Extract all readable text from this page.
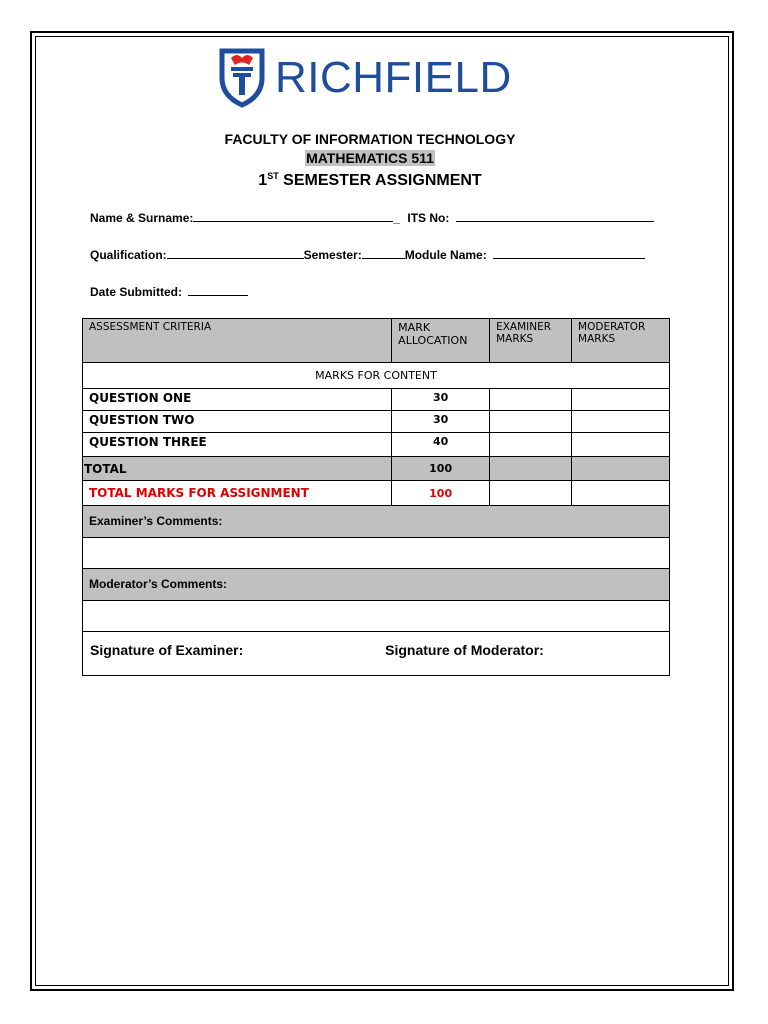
RICHFIELD
FACULTY OF INFORMATION TECHNOLOGY
MATHEMATICS 511
1ST SEMESTER ASSIGNMENT
Name & Surname:	_ ITS No:
Qualification:	Semester:	Module Name:
Date Submitted:
ASSESSMENT CRITERIA	MARK ALLOCATION	EXAMINER MARKS	MODERATOR MARKS
MARKS FOR CONTENT			
QUESTION ONE	30		
QUESTION TWO	30		
QUESTION THREE	40		
TOTAL	100		
TOTAL MARKS FOR ASSIGNMENT	100		
Examiner’s Comments:			

Moderator’s Comments:			

Signature of Examiner: Signature of Moderator:			
